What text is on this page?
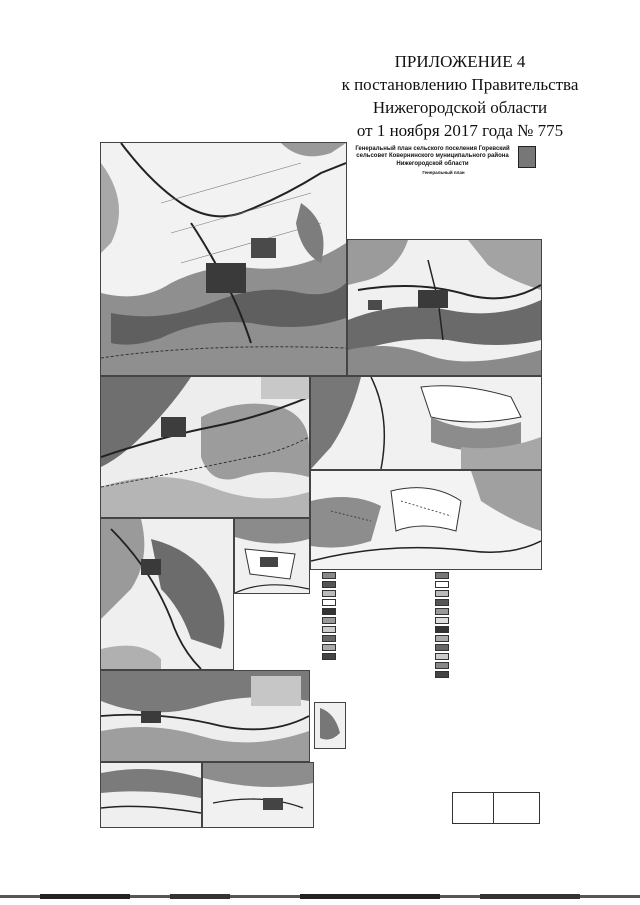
ПРИЛОЖЕНИЕ 4
к постановлению Правительства
Нижегородской области
от 1 ноября 2017 года № 775
Генеральный план сельского поселения Горевский сельсовет Ковернинского муниципального района Нижегородской области
Генеральный план
